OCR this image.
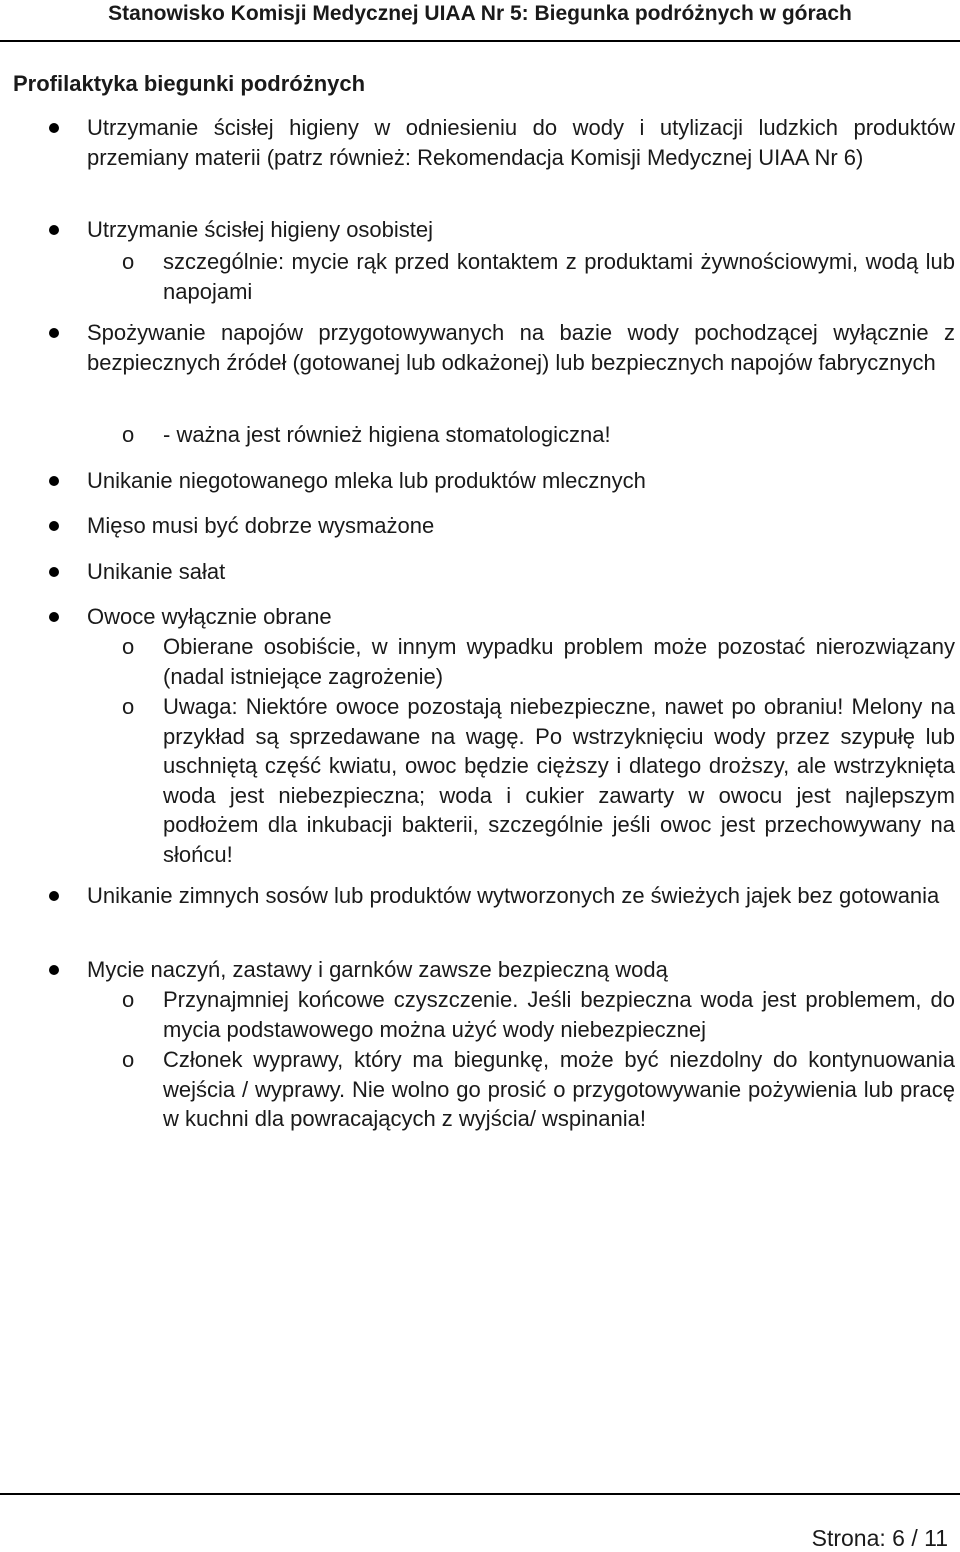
Stanowisko Komisji Medycznej UIAA Nr 5: Biegunka podróżnych w górach
Profilaktyka biegunki podróżnych
Utrzymanie ścisłej higieny w odniesieniu do wody i utylizacji ludzkich produktów przemiany materii (patrz również: Rekomendacja Komisji Medycznej UIAA Nr 6)
Utrzymanie ścisłej higieny osobistej
o szczególnie: mycie rąk przed kontaktem z produktami żywnościowymi, wodą lub napojami
Spożywanie napojów przygotowywanych na bazie wody pochodzącej wyłącznie z bezpiecznych źródeł (gotowanej lub odkażonej) lub bezpiecznych napojów fabrycznych
o - ważna jest również higiena stomatologiczna!
Unikanie niegotowanego mleka lub produktów mlecznych
Mięso musi być dobrze wysmażone
Unikanie sałat
Owoce wyłącznie obrane
o Obierane osobiście, w innym wypadku problem może pozostać nierozwiązany (nadal istniejące zagrożenie)
o Uwaga: Niektóre owoce pozostają niebezpieczne, nawet po obraniu! Melony na przykład są sprzedawane na wagę. Po wstrzyknięciu wody przez szypułę lub uschniętą część kwiatu, owoc będzie cięższy i dlatego droższy, ale wstrzyknięta woda jest niebezpieczna; woda i cukier zawarty w owocu jest najlepszym podłożem dla inkubacji bakterii, szczególnie jeśli owoc jest przechowywany na słońcu!
Unikanie zimnych sosów lub produktów wytworzonych ze świeżych jajek bez gotowania
Mycie naczyń, zastawy i garnków zawsze bezpieczną wodą
o Przynajmniej końcowe czyszczenie. Jeśli bezpieczna woda jest problemem, do mycia podstawowego można użyć wody niebezpiecznej
o Członek wyprawy, który ma biegunkę, może być niezdolny do kontynuowania wejścia / wyprawy. Nie wolno go prosić o przygotowywanie pożywienia lub pracę w kuchni dla powracających z wyjścia/ wspinania!
Strona: 6 / 11
